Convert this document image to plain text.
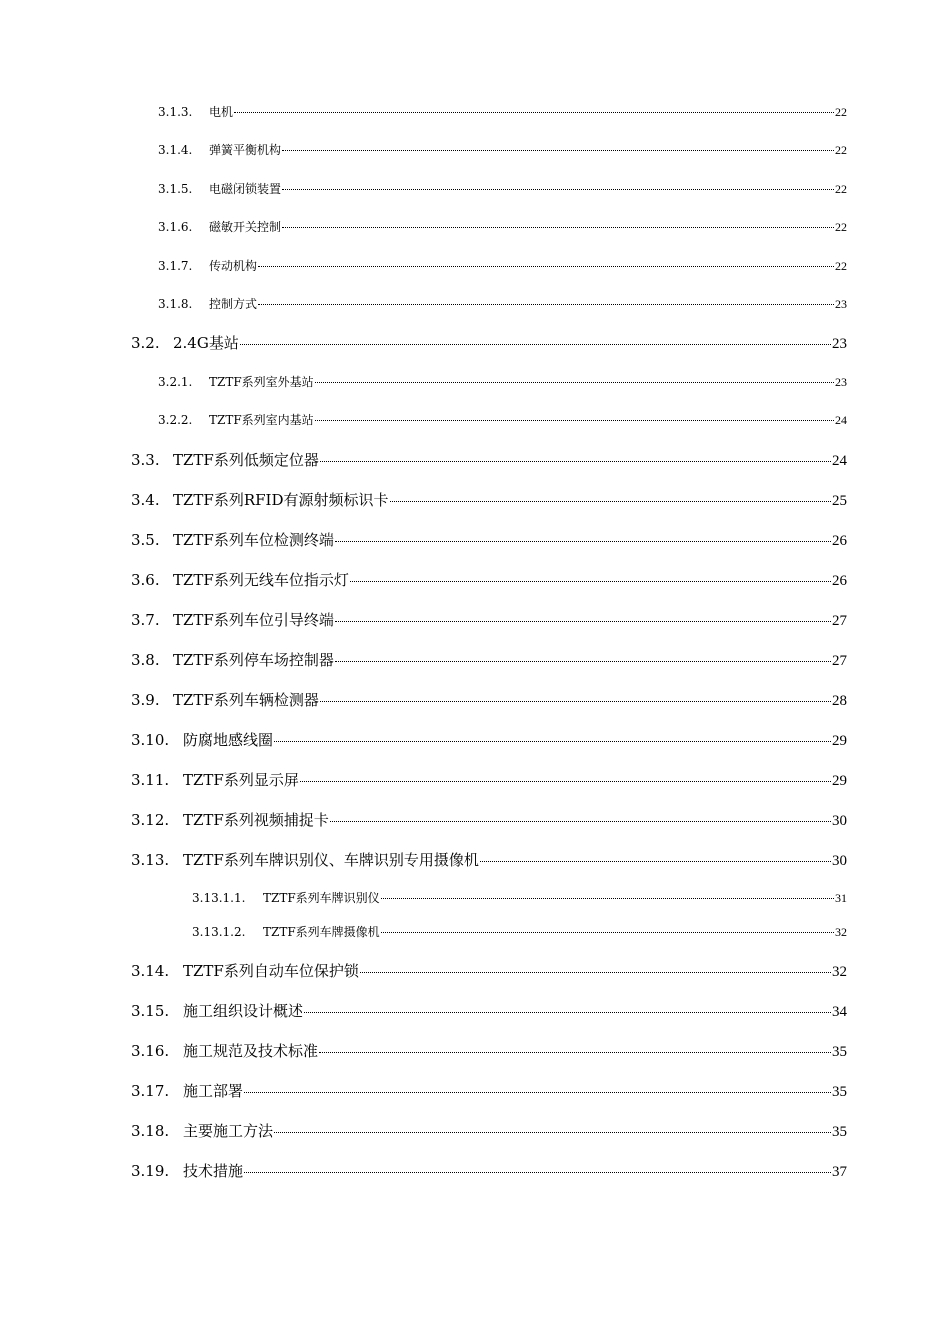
3.1.3.	电机	22
3.1.4.	弹簧平衡机构	22
3.1.5.	电磁闭锁装置	22
3.1.6.	磁敏开关控制	22
3.1.7.	传动机构	22
3.1.8.	控制方式	23
3.2. 2.4G基站	23
3.2.1.	TZTF系列室外基站	23
3.2.2.	TZTF系列室内基站	24
3.3. TZTF系列低频定位器	24
3.4. TZTF系列RFID有源射频标识卡	25
3.5. TZTF系列车位检测终端	26
3.6. TZTF系列无线车位指示灯	26
3.7. TZTF系列车位引导终端	27
3.8. TZTF系列停车场控制器	27
3.9. TZTF系列车辆检测器	28
3.10. 防腐地感线圈	29
3.11. TZTF系列显示屏	29
3.12. TZTF系列视频捕捉卡	30
3.13. TZTF系列车牌识别仪、车牌识别专用摄像机	30
3.13.1.1.	TZTF系列车牌识别仪	31
3.13.1.2.	TZTF系列车牌摄像机	32
3.14. TZTF系列自动车位保护锁	32
3.15. 施工组织设计概述	34
3.16. 施工规范及技术标准	35
3.17. 施工部署	35
3.18. 主要施工方法	35
3.19. 技术措施	37
